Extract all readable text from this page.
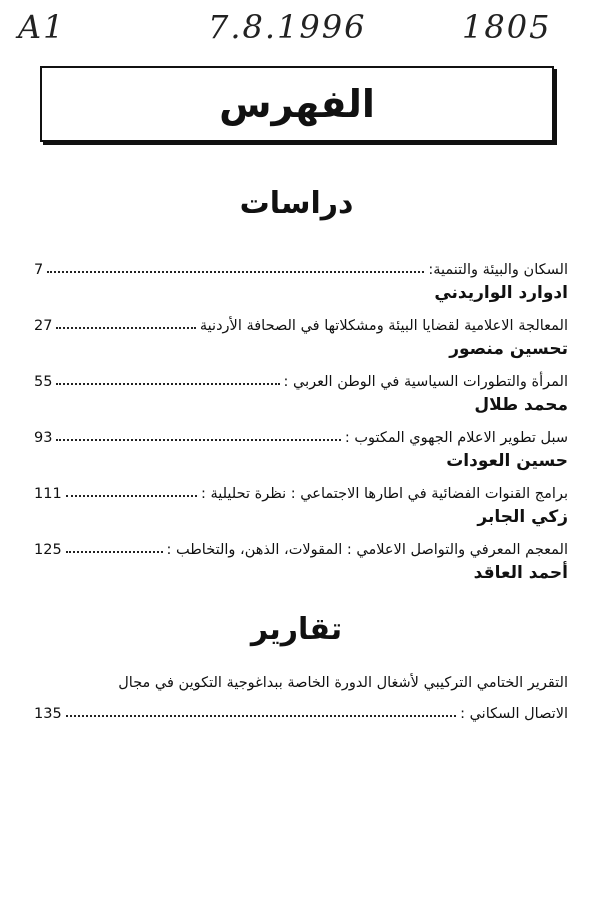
A1	7.8.1996	1805
الفهرس
دراسات
السكان والبيئة والتنمية:
7
ادوارد الواريدني
المعالجة الاعلامية لقضايا البيئة ومشكلاتها في الصحافة الأردنية
27
تحسين منصور
المرأة والتطورات السياسية في الوطن العربي :
55
محمد طلال
سبل تطوير الاعلام الجهوي المكتوب :
93
حسين العودات
برامج القنوات الفضائية في اطارها الاجتماعي : نظرة تحليلية :
111
زكي الجابر
المعجم المعرفي والتواصل الاعلامي : المقولات، الذهن، والتخاطب :
125
أحمد العاقد
تقارير
التقرير الختامي التركيبي لأشغال الدورة الخاصة ببداغوجية التكوين في مجال
الاتصال السكاني :
135
